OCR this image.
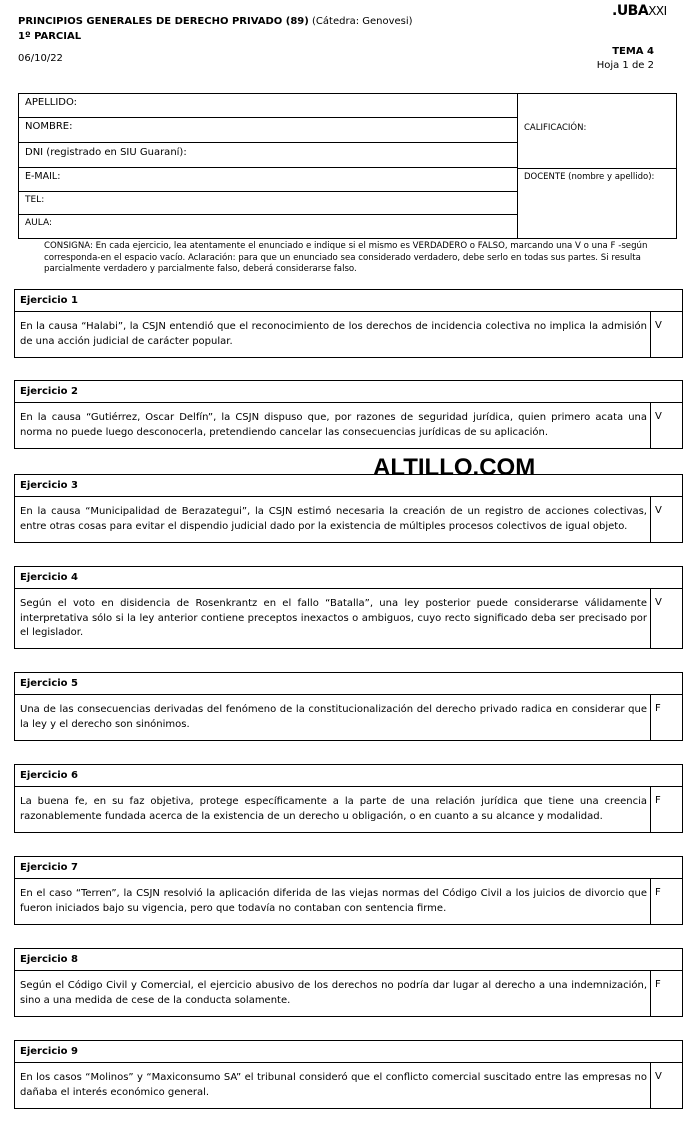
PRINCIPIOS GENERALES DE DERECHO PRIVADO (89) (Cátedra: Genovesi)
1º PARCIAL
06/10/22
.UBAXXI
TEMA 4
Hoja 1 de 2
APELLIDO:
NOMBRE:
DNI (registrado en SIU Guaraní):
E-MAIL:
TEL:
AULA:
CALIFICACIÓN:
DOCENTE (nombre y apellido):
CONSIGNA: En cada ejercicio, lea atentamente el enunciado e indique si el mismo es VERDADERO o FALSO, marcando una V o una F -según corresponda-en el espacio vacío. Aclaración: para que un enunciado sea considerado verdadero, debe serlo en todas sus partes. Si resulta parcialmente verdadero y parcialmente falso, deberá considerarse falso.
Ejercicio 1
En la causa “Halabi”, la CSJN entendió que el reconocimiento de los derechos de incidencia colectiva no implica la admisión de una acción judicial de carácter popular.
V
Ejercicio 2
En la causa “Gutiérrez, Oscar Delfín”, la CSJN dispuso que, por razones de seguridad jurídica, quien primero acata una norma no puede luego desconocerla, pretendiendo cancelar las consecuencias jurídicas de su aplicación.
V
Ejercicio 3
En la causa “Municipalidad de Berazategui”, la CSJN estimó necesaria la creación de un registro de acciones colectivas, entre otras cosas para evitar el dispendio judicial dado por la existencia de múltiples procesos colectivos de igual objeto.
V
Ejercicio 4
Según el voto en disidencia de Rosenkrantz en el fallo “Batalla”, una ley posterior puede considerarse válidamente interpretativa sólo si la ley anterior contiene preceptos inexactos o ambiguos, cuyo recto significado deba ser precisado por el legislador.
V
Ejercicio 5
Una de las consecuencias derivadas del fenómeno de la constitucionalización del derecho privado radica en considerar que la ley y el derecho son sinónimos.
F
Ejercicio 6
La buena fe, en su faz objetiva, protege específicamente a la parte de una relación jurídica que tiene una creencia razonablemente fundada acerca de la existencia de un derecho u obligación, o en cuanto a su alcance y modalidad.
F
Ejercicio 7
En el caso “Terren”, la CSJN resolvió la aplicación diferida de las viejas normas del Código Civil a los juicios de divorcio que fueron iniciados bajo su vigencia, pero que todavía no contaban con sentencia firme.
F
Ejercicio 8
Según el Código Civil y Comercial, el ejercicio abusivo de los derechos no podría dar lugar al derecho a una indemnización, sino a una medida de cese de la conducta solamente.
F
Ejercicio 9
En los casos “Molinos” y “Maxiconsumo SA” el tribunal consideró que el conflicto comercial suscitado entre las empresas no dañaba el interés económico general.
V
ALTILLO.COM
